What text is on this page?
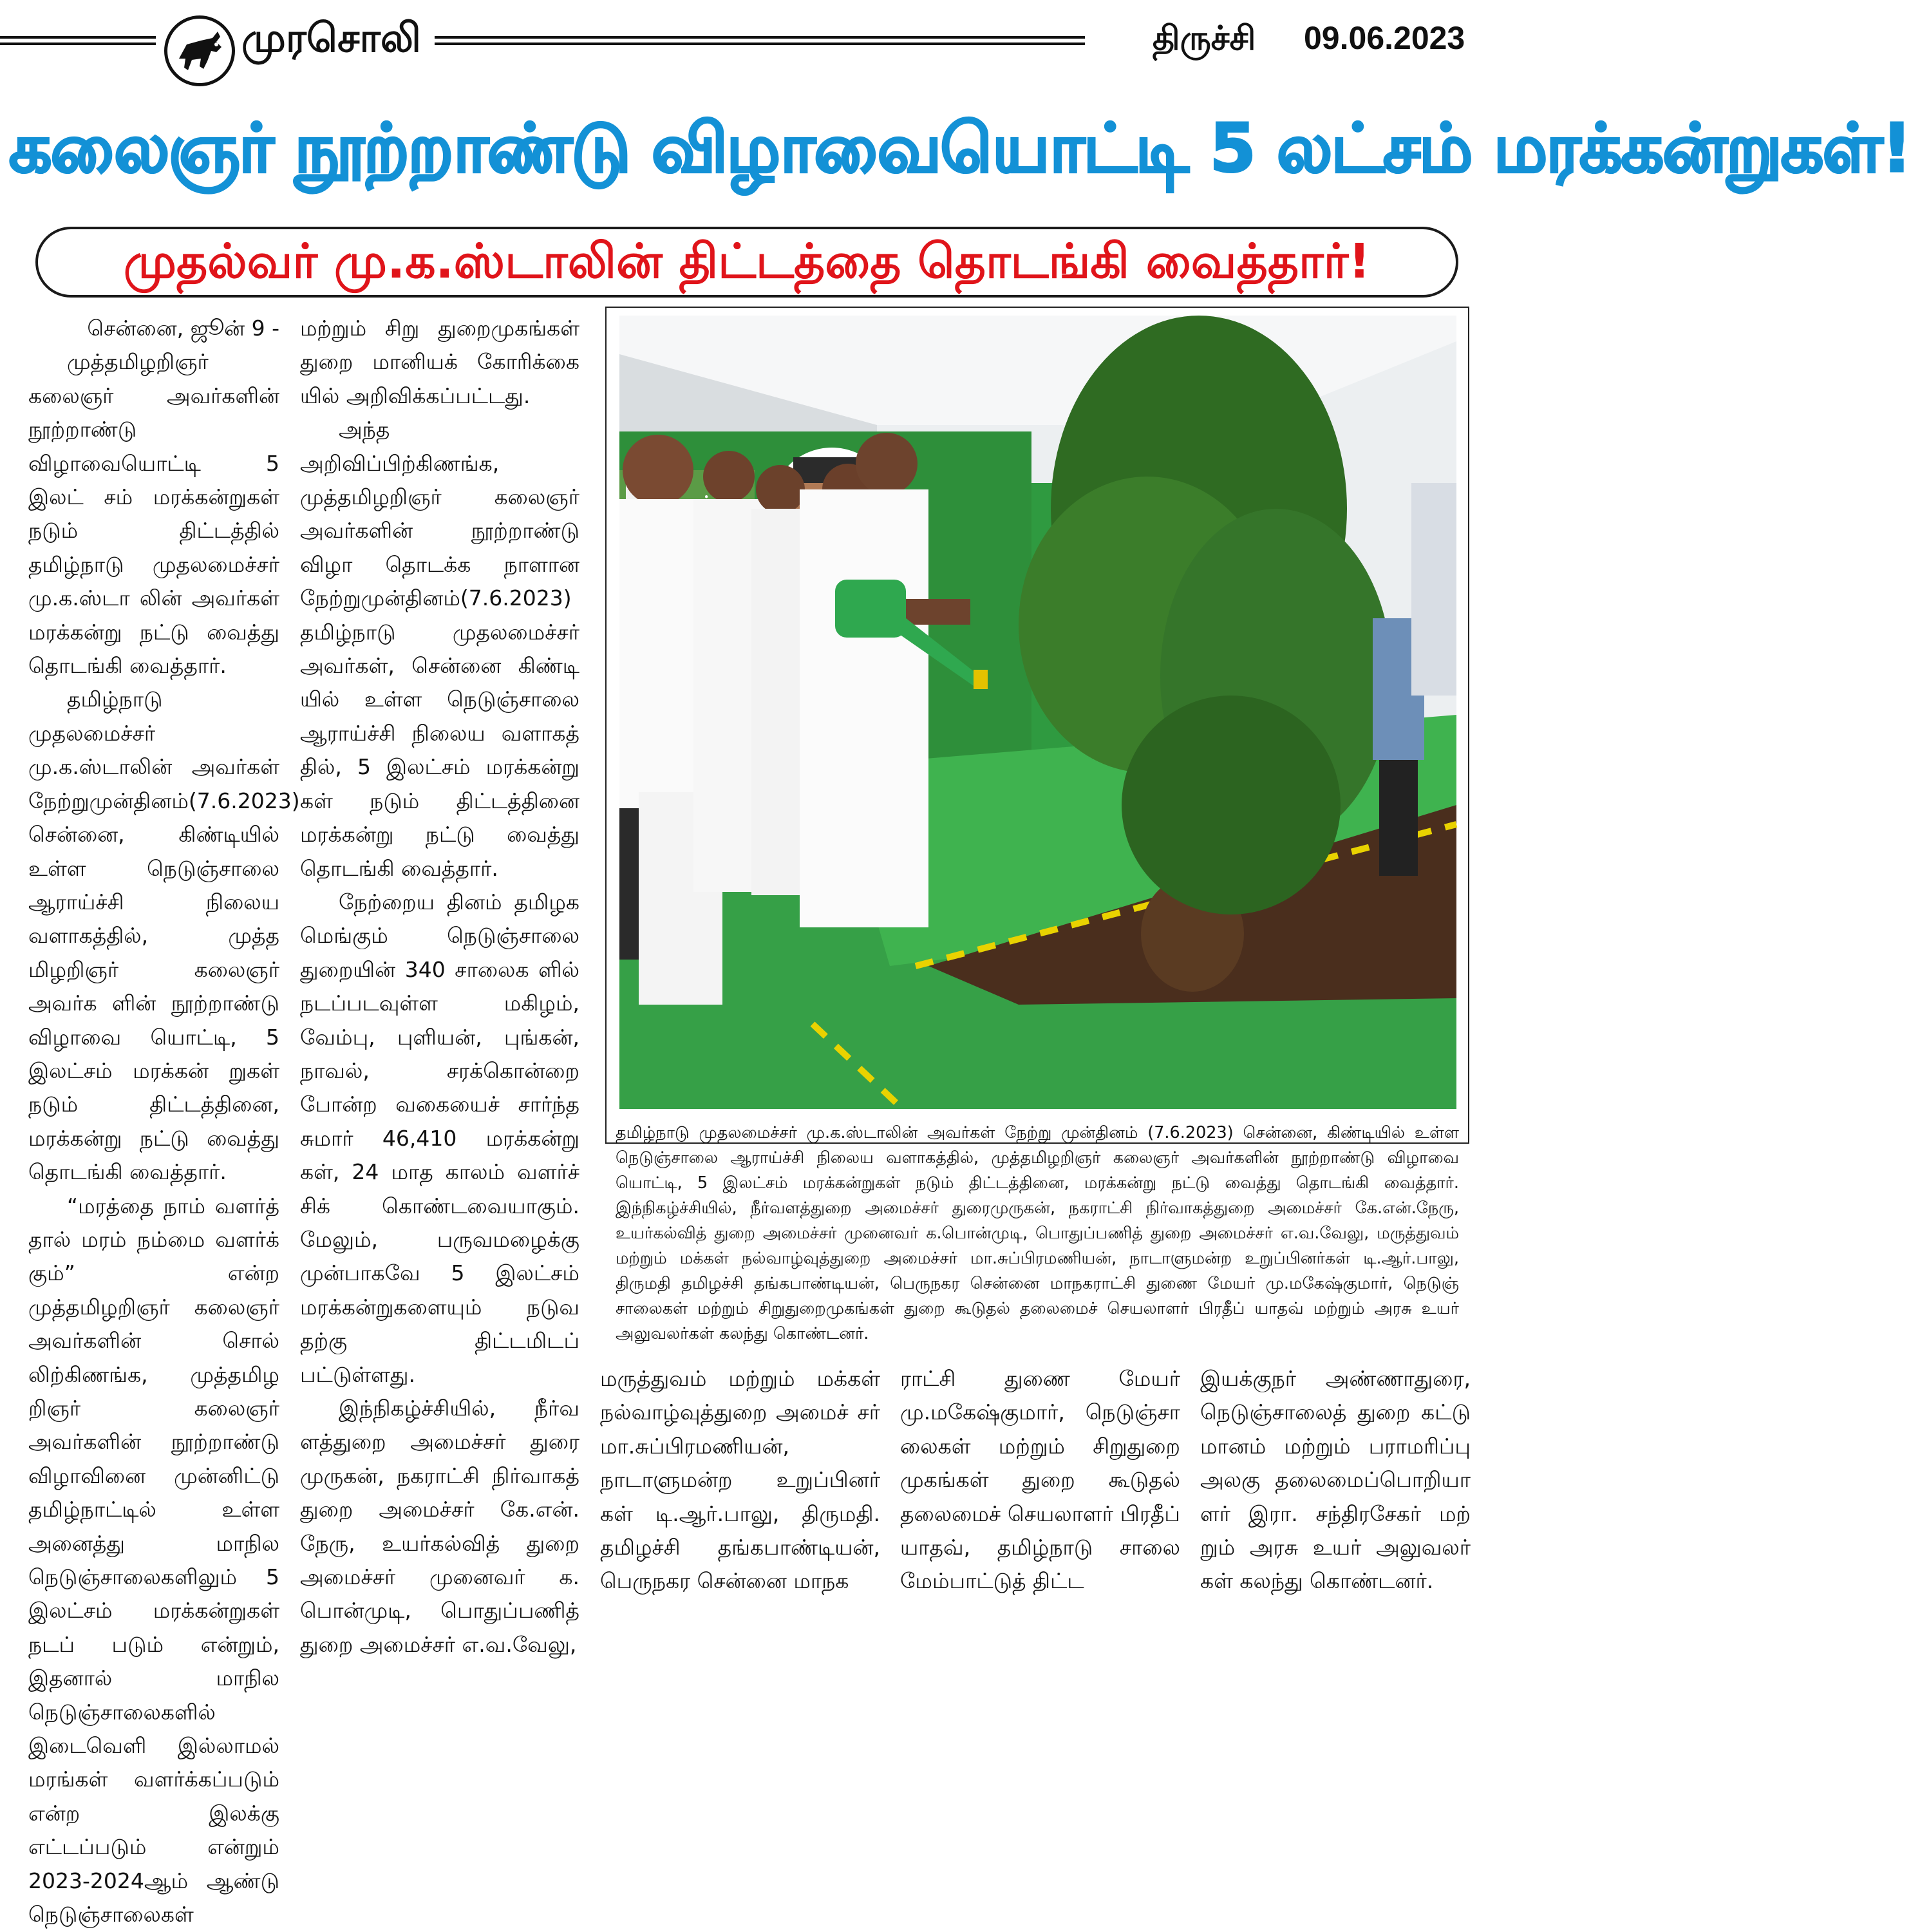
முரசொலி	திருச்சி 09.06.2023
கலைஞர் நூற்றாண்டு விழாவையொட்டி 5 லட்சம் மரக்கன்றுகள்!
முதல்வர் மு.க.ஸ்டாலின் திட்டத்தை தொடங்கி வைத்தார்!

சென்னை, ஜூன் 9 -

முத்தமிழறிஞர் கலைஞர் அவர்களின் நூற்றாண்டு விழாவையொட்டி 5 இலட் சம் மரக்கன்றுகள் நடும் திட்டத்தில் தமிழ்நாடு முதலமைச்சர் மு.க.ஸ்டா லின் அவர்கள் மரக்கன்று நட்டு வைத்து தொடங்கி வைத்தார்.

தமிழ்நாடு முதலமைச்சர் மு.க.ஸ்டாலின் அவர்கள் நேற்றுமுன்தினம்(7.6.2023) சென்னை, கிண்டியில் உள்ள நெடுஞ்சாலை ஆராய்ச்சி நிலைய வளாகத்தில், முத்த மிழறிஞர் கலைஞர் அவர்க ளின் நூற்றாண்டு விழாவை யொட்டி, 5 இலட்சம் மரக்கன் றுகள் நடும் திட்டத்தினை, மரக்கன்று நட்டு வைத்து தொடங்கி வைத்தார்.

“மரத்தை நாம் வளர்த் தால் மரம் நம்மை வளர்க் கும்” என்ற முத்தமிழறிஞர் கலைஞர் அவர்களின் சொல் லிற்கிணங்க, முத்தமிழ றிஞர் கலைஞர் அவர்களின் நூற்றாண்டு விழாவினை முன்னிட்டு தமிழ்நாட்டில் உள்ள அனைத்து மாநில நெடுஞ்சாலைகளிலும் 5 இலட்சம் மரக்கன்றுகள் நடப் படும் என்றும், இதனால் மாநில நெடுஞ்சாலைகளில் இடைவெளி இல்லாமல் மரங்கள் வளர்க்கப்படும் என்ற இலக்கு எட்டப்படும் என்றும் 2023-2024ஆம் ஆண்டு நெடுஞ்சாலைகள்

மற்றும் சிறு துறைமுகங்கள் துறை மானியக் கோரிக்கை யில் அறிவிக்கப்பட்டது.

அந்த அறிவிப்பிற்கிணங்க, முத்தமிழறிஞர் கலைஞர் அவர்களின் நூற்றாண்டு விழா தொடக்க நாளான நேற்றுமுன்தினம்(7.6.2023) தமிழ்நாடு முதலமைச்சர் அவர்கள், சென்னை கிண்டி யில் உள்ள நெடுஞ்சாலை ஆராய்ச்சி நிலைய வளாகத் தில், 5 இலட்சம் மரக்கன்று கள் நடும் திட்டத்தினை மரக்கன்று நட்டு வைத்து தொடங்கி வைத்தார்.

நேற்றைய தினம் தமிழக மெங்கும் நெடுஞ்சாலை துறையின் 340 சாலைக ளில் நடப்படவுள்ள மகிழம், வேம்பு, புளியன், புங்கன், நாவல், சரக்கொன்றை போன்ற வகையைச் சார்ந்த சுமார் 46,410 மரக்கன்று கள், 24 மாத காலம் வளர்ச் சிக் கொண்டவையாகும். மேலும், பருவமழைக்கு முன்பாகவே 5 இலட்சம் மரக்கன்றுகளையும் நடுவ தற்கு திட்டமிடப் பட்டுள்ளது.

இந்நிகழ்ச்சியில், நீர்வ ளத்துறை அமைச்சர் துரை முருகன், நகராட்சி நிர்வாகத் துறை அமைச்சர் கே.என். நேரு, உயர்கல்வித் துறை அமைச்சர் முனைவர் க. பொன்முடி, பொதுப்பணித் துறை அமைச்சர் எ.வ.வேலு,

தமிழ்நாடு முதலமைச்சர் மு.க.ஸ்டாலின் அவர்கள் நேற்று முன்தினம் (7.6.2023) சென்னை, கிண்டியில் உள்ள நெடுஞ்சாலை ஆராய்ச்சி நிலைய வளாகத்தில், முத்தமிழறிஞர் கலைஞர் அவர்களின் நூற்றாண்டு விழாவை யொட்டி, 5 இலட்சம் மரக்கன்றுகள் நடும் திட்டத்தினை, மரக்கன்று நட்டு வைத்து தொடங்கி வைத்தார். இந்நிகழ்ச்சியில், நீர்வளத்துறை அமைச்சர் துரைமுருகன், நகராட்சி நிர்வாகத்துறை அமைச்சர் கே.என்.நேரு, உயர்கல்வித் துறை அமைச்சர் முனைவர் க.பொன்முடி, பொதுப்பணித் துறை அமைச்சர் எ.வ.வேலு, மருத்துவம் மற்றும் மக்கள் நல்வாழ்வுத்துறை அமைச்சர் மா.சுப்பிரமணியன், நாடாளுமன்ற உறுப்பினர்கள் டி.ஆர்.பாலு, திருமதி தமிழச்சி தங்கபாண்டியன், பெருநகர சென்னை மாநகராட்சி துணை மேயர் மு.மகேஷ்குமார், நெடுஞ் சாலைகள் மற்றும் சிறுதுறைமுகங்கள் துறை கூடுதல் தலைமைச் செயலாளர் பிரதீப் யாதவ் மற்றும் அரசு உயர் அலுவலர்கள் கலந்து கொண்டனர்.
மருத்துவம் மற்றும் மக்கள் நல்வாழ்வுத்துறை அமைச் சர் மா.சுப்பிரமணியன், நாடாளுமன்ற உறுப்பினர் கள் டி.ஆர்.பாலு, திருமதி. தமிழச்சி தங்கபாண்டியன், பெருநகர சென்னை மாநக
ராட்சி துணை மேயர் மு.மகேஷ்குமார், நெடுஞ்சா லைகள் மற்றும் சிறுதுறை முகங்கள் துறை கூடுதல் தலைமைச் செயலாளர் பிரதீப் யாதவ், தமிழ்நாடு சாலை மேம்பாட்டுத் திட்ட
இயக்குநர் அண்ணாதுரை, நெடுஞ்சாலைத் துறை கட்டு மானம் மற்றும் பராமரிப்பு அலகு தலைமைப்பொறியா ளர் இரா. சந்திரசேகர் மற் றும் அரசு உயர் அலுவலர் கள் கலந்து கொண்டனர்.
